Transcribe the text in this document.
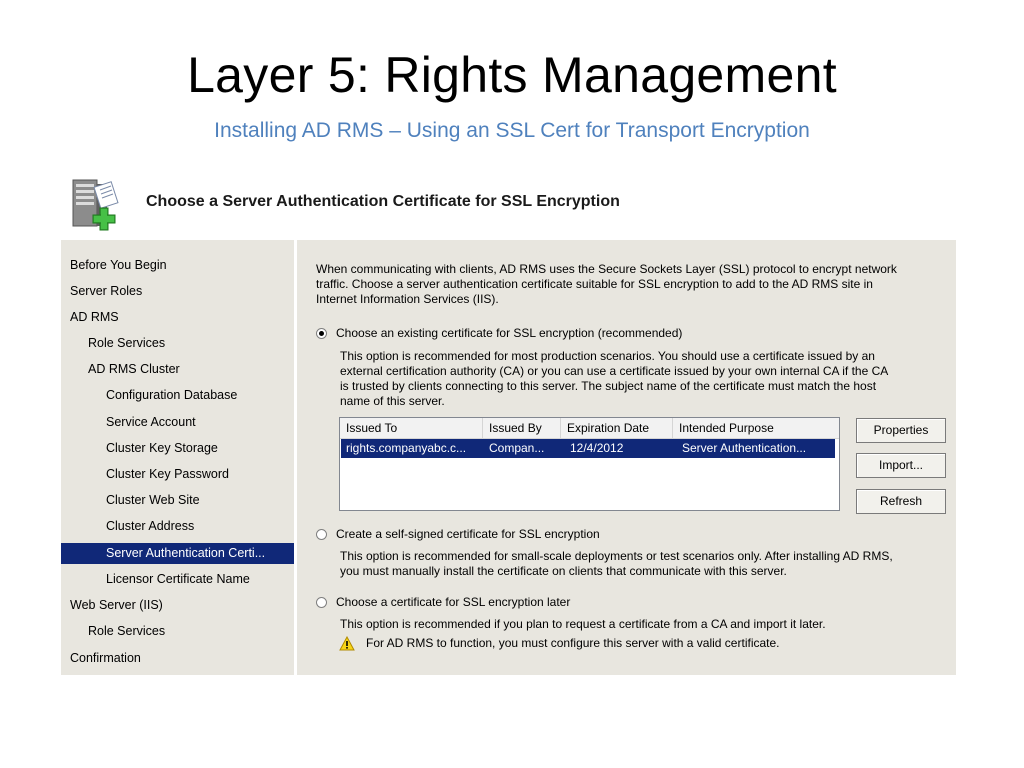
Layer 5: Rights Management
Installing AD RMS – Using an SSL Cert for Transport Encryption
Choose a Server Authentication Certificate for SSL Encryption
Before You Begin
Server Roles
AD RMS
Role Services
AD RMS Cluster
Configuration Database
Service Account
Cluster Key Storage
Cluster Key Password
Cluster Web Site
Cluster Address
Server Authentication Certi...
Licensor Certificate Name
Web Server (IIS)
Role Services
Confirmation
When communicating with clients, AD RMS uses the Secure Sockets Layer (SSL) protocol to encrypt network
traffic. Choose a server authentication certificate suitable for SSL encryption to add to the AD RMS site in
Internet Information Services (IIS).
Choose an existing certificate for SSL encryption (recommended)
This option is recommended for most production scenarios. You should use a certificate issued by an
external certification authority (CA) or you can use a certificate issued by your own internal CA if the CA
is trusted by clients connecting to this server. The subject name of the certificate must match the host
name of this server.
Issued To	Issued By	Expiration Date	Intended Purpose
rights.companyabc.c...	Compan...	12/4/2012	Server Authentication...
Properties
Import...
Refresh
Create a self-signed certificate for SSL encryption
This option is recommended for small-scale deployments or test scenarios only. After installing AD RMS,
you must manually install the certificate on clients that communicate with this server.
Choose a certificate for SSL encryption later
This option is recommended if you plan to request a certificate from a CA and import it later.
For AD RMS to function, you must configure this server with a valid certificate.
